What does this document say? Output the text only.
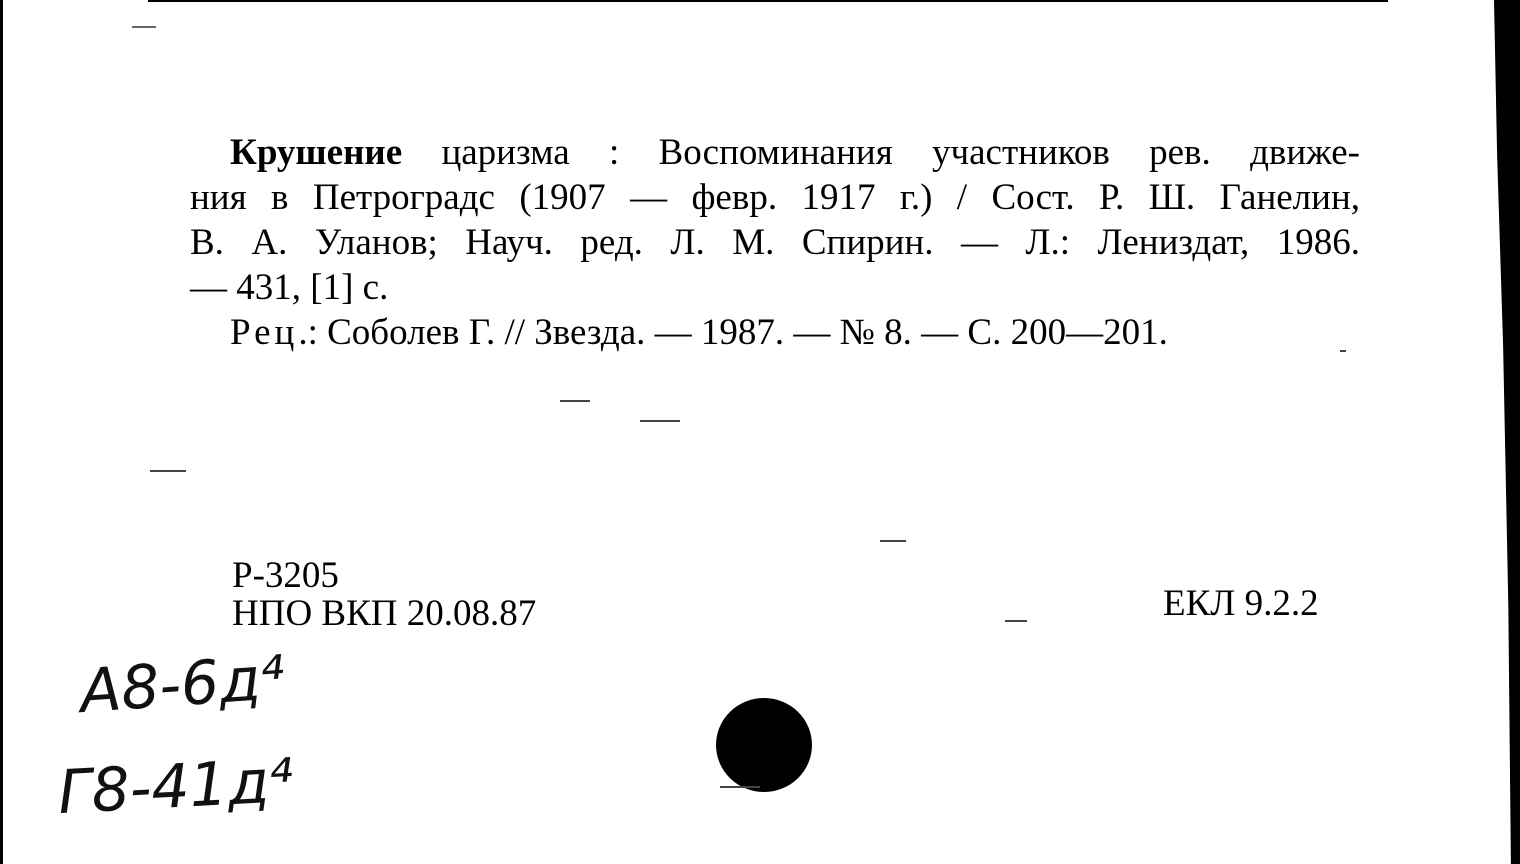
Крушение царизма : Воспоминания участников рев. движе-
ния в Петроградс (1907 — февр. 1917 г.) / Сост. Р. Ш. Ганелин,
В. А. Уланов; Науч. ред. Л. М. Спирин. — Л.: Лениздат, 1986.
— 431, [1] с.
Рец.: Соболев Г. // Звезда. — 1987. — № 8. — С. 200—201.
Р-3205
НПО ВКП 20.08.87	ЕКЛ 9.2.2
А8-6д⁴
Г8-41д⁴
